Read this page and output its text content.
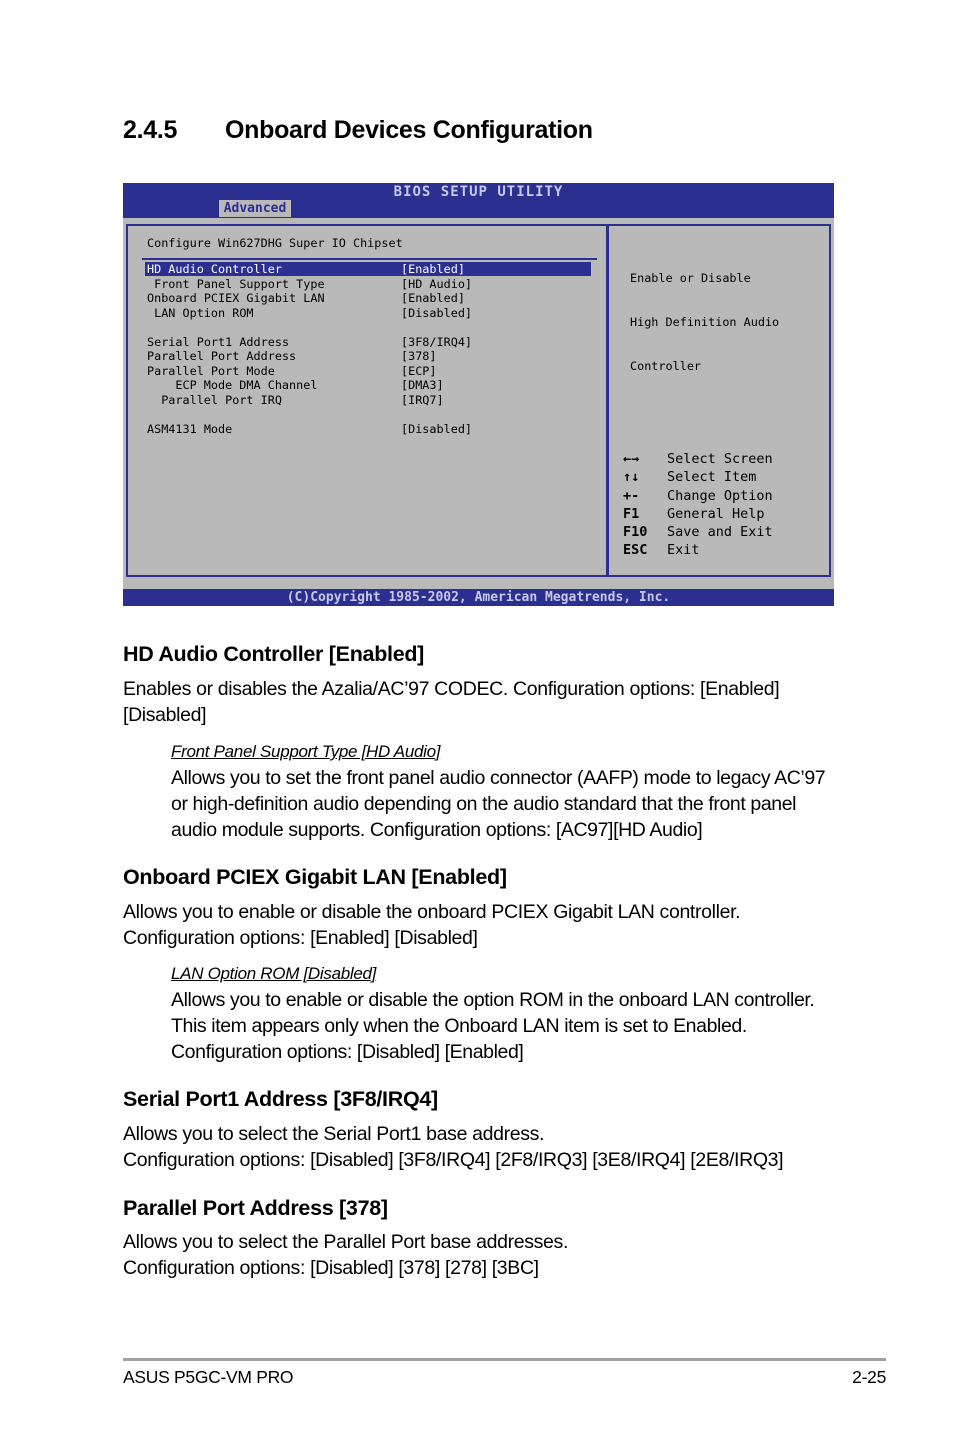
2.4.5 Onboard Devices Configuration
BIOS SETUP UTILITY
Advanced
Configure Win627DHG Super IO Chipset
HD Audio Controller	[Enabled]
Front Panel Support Type	[HD Audio]
Onboard PCIEX Gigabit LAN	[Enabled]
LAN Option ROM	[Disabled]
Serial Port1 Address	[3F8/IRQ4]
Parallel Port Address	[378]
Parallel Port Mode	[ECP]
ECP Mode DMA Channel	[DMA3]
Parallel Port IRQ	[IRQ7]
ASM4131 Mode	[Disabled]

Enable or Disable

High Definition Audio

Controller

←→ Select Screen
↑↓ Select Item
+- Change Option
F1 General Help
F10 Save and Exit
ESC Exit
(C)Copyright 1985-2002, American Megatrends, Inc.
HD Audio Controller [Enabled]

Enables or disables the Azalia/AC’97 CODEC. Configuration options: [Enabled] [Disabled]

Front Panel Support Type [HD Audio]

Allows you to set the front panel audio connector (AAFP) mode to legacy AC’97 or high-definition audio depending on the audio standard that the front panel audio module supports. Configuration options: [AC97][HD Audio]

Onboard PCIEX Gigabit LAN [Enabled]

Allows you to enable or disable the onboard PCIEX Gigabit LAN controller.
Configuration options: [Enabled] [Disabled]

LAN Option ROM [Disabled]

Allows you to enable or disable the option ROM in the onboard LAN controller. This item appears only when the Onboard LAN item is set to Enabled. Configuration options: [Disabled] [Enabled]

Serial Port1 Address [3F8/IRQ4]

Allows you to select the Serial Port1 base address.
Configuration options: [Disabled] [3F8/IRQ4] [2F8/IRQ3] [3E8/IRQ4] [2E8/IRQ3]

Parallel Port Address [378]

Allows you to select the Parallel Port base addresses.
Configuration options: [Disabled] [378] [278] [3BC]

ASUS P5GC-VM PRO	2-25
